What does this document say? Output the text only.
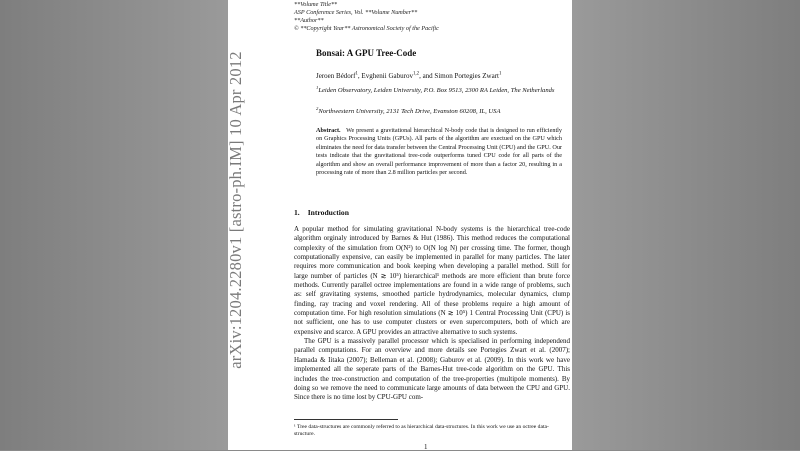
arXiv:1204.2280v1 [astro-ph.IM] 10 Apr 2012
**Volume Title**
ASP Conference Series, Vol. **Volume Number**
**Author**
© **Copyright Year** Astronomical Society of the Pacific
Bonsai: A GPU Tree-Code
Jeroen Bédorf$^1$, Evghenii Gaburov$^{1,2}$, and Simon Portegies Zwart$^1$
$^1$Leiden Observatory, Leiden University, P.O. Box 9513, 2300 RA Leiden, The Netherlands
$^2$Northwestern University, 2131 Tech Drive, Evanston 60208, IL, USA
Abstract. We present a gravitational hierarchical N-body code that is designed to run efficiently on Graphics Processing Units (GPUs). All parts of the algorithm are exectued on the GPU which eliminates the need for data transfer between the Central Processing Unit (CPU) and the GPU. Our tests indicate that the gravitational tree-code outperforms tuned CPU code for all parts of the algorithm and show an overall performance improvement of more than a factor 20, resulting in a processing rate of more than 2.8 million particles per second.
1. Introduction

A popular method for simulating gravitational N-body systems is the hierarchical tree-code algorithm orginaly introduced by Barnes & Hut (1986). This method reduces the computational complexity of the simulation from O(N²) to O(N log N) per crossing time. The former, though computationally expensive, can easily be implemented in parallel for many particles. The later requires more communication and book keeping when developing a parallel method. Still for large number of particles (N ≳ 10⁵) hierarchical¹ methods are more efficient than brute force methods. Currently parallel octree implementations are found in a wide range of problems, such as: self gravitating systems, smoothed particle hydrodynamics, molecular dynamics, clump finding, ray tracing and voxel rendering. All of these problems require a high amount of computation time. For high resolution simulations (N ≳ 10⁵) 1 Central Processing Unit (CPU) is not sufficient, one has to use computer clusters or even supercomputers, both of which are expensive and scarce. A GPU provides an attractive alternative to such systems.

The GPU is a massively parallel processor which is specialised in performing independend parallel computations. For an overview and more details see Portegies Zwart et al. (2007); Hamada & Iitaka (2007); Belleman et al. (2008); Gaburov et al. (2009). In this work we have implemented all the seperate parts of the Barnes-Hut tree-code algorithm on the GPU. This includes the tree-construction and computation of the tree-properties (multipole moments). By doing so we remove the need to communicate large amounts of data between the CPU and GPU. Since there is no time lost by CPU-GPU com-

¹ Tree data-structures are commonly referred to as hierarchical data-structures. In this work we use an octree data-structure.
1
